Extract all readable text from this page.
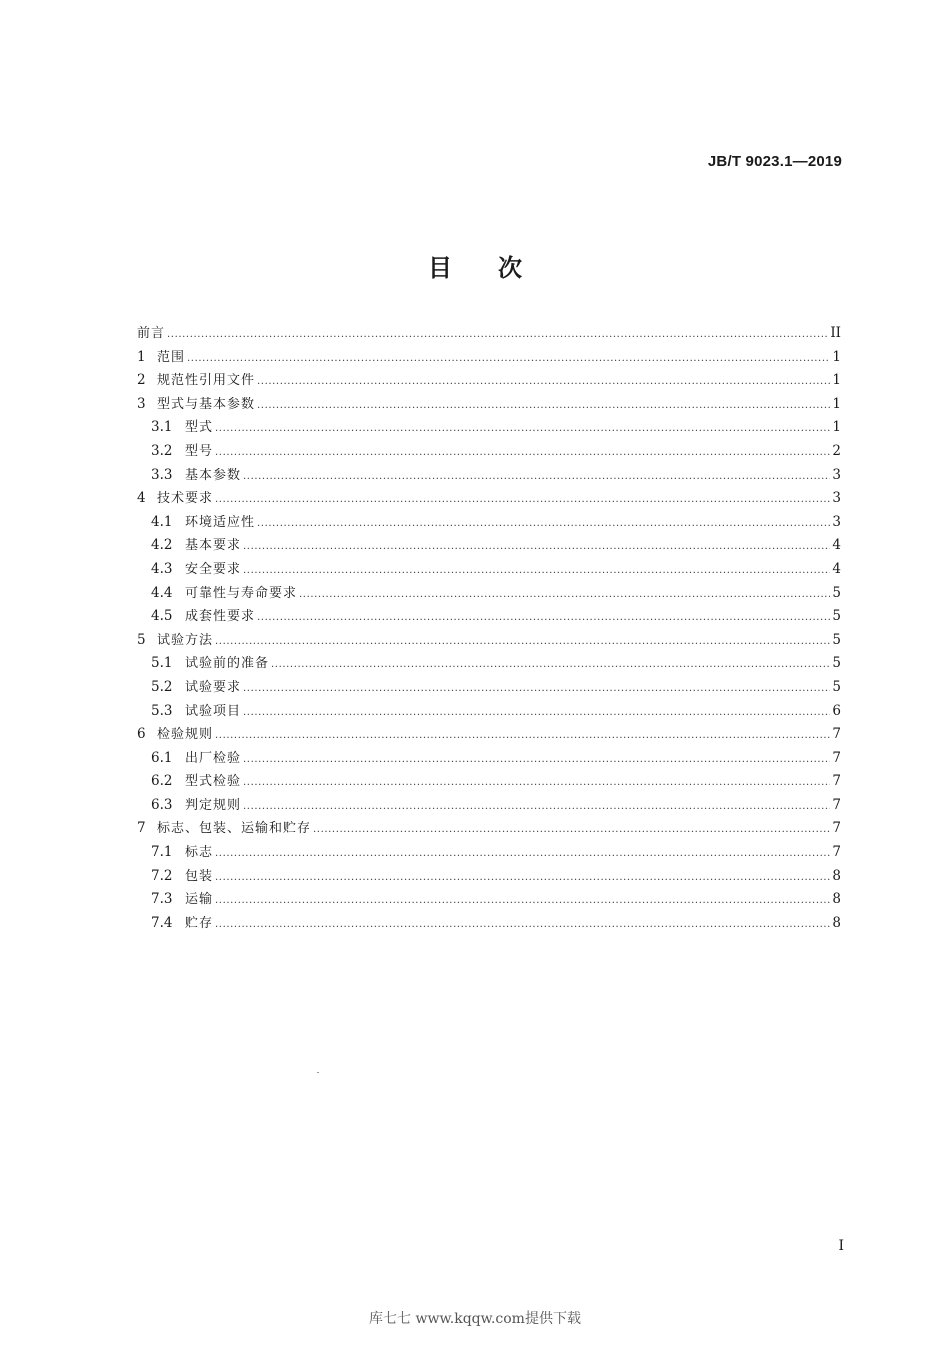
JB/T 9023.1—2019
目 次
前言 .....	II
1 范围 .....	1
2 规范性引用文件 .....	1
3 型式与基本参数 .....	1
3.1 型式 .....	1
3.2 型号 .....	2
3.3 基本参数 .....	3
4 技术要求 .....	3
4.1 环境适应性 .....	3
4.2 基本要求 .....	4
4.3 安全要求 .....	4
4.4 可靠性与寿命要求 .....	5
4.5 成套性要求 .....	5
5 试验方法 .....	5
5.1 试验前的准备 .....	5
5.2 试验要求 .....	5
5.3 试验项目 .....	6
6 检验规则 .....	7
6.1 出厂检验 .....	7
6.2 型式检验 .....	7
6.3 判定规则 .....	7
7 标志、包装、运输和贮存 .....	7
7.1 标志 .....	7
7.2 包装 .....	8
7.3 运输 .....	8
7.4 贮存 .....	8
I
库七七 www.kqqw.com提供下载
